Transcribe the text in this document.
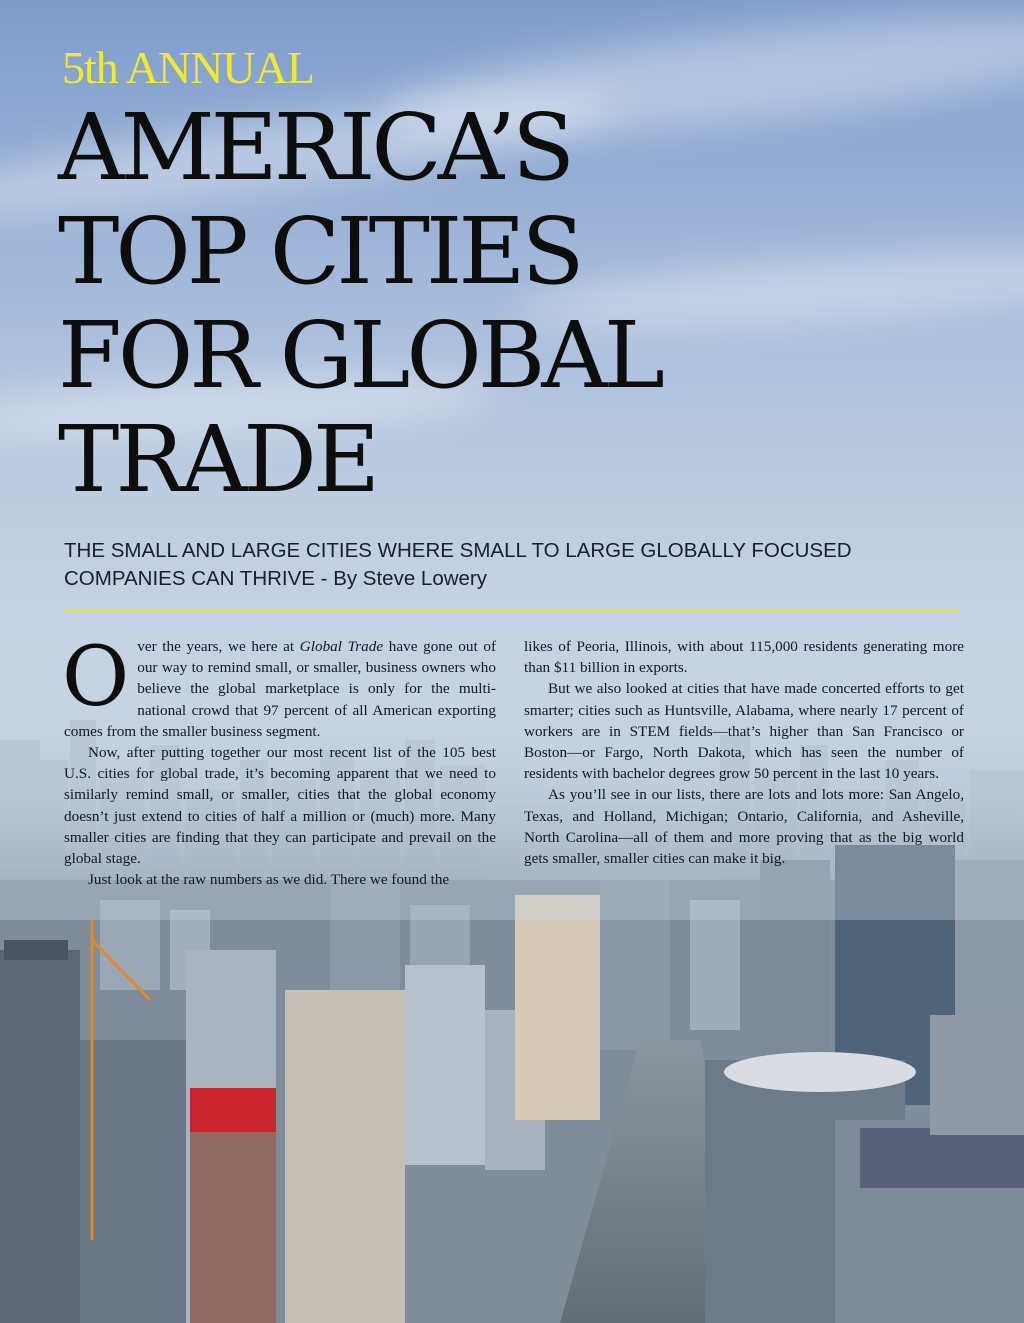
5th ANNUAL
AMERICA’S
TOP CITIES
FOR GLOBAL
TRADE

THE SMALL AND LARGE CITIES WHERE SMALL TO LARGE GLOBALLY FOCUSED COMPANIES CAN THRIVE - By Steve Lowery

Over the years, we here at Global Trade have gone out of our way to remind small, or smaller, business owners who believe the global marketplace is only for the multi-national crowd that 97 percent of all American exporting comes from the smaller business segment.

Now, after putting together our most recent list of the 105 best U.S. cities for global trade, it’s becoming apparent that we need to similarly remind small, or smaller, cities that the global economy doesn’t just extend to cities of half a million or (much) more. Many smaller cities are finding that they can participate and prevail on the global stage.

Just look at the raw numbers as we did. There we found the

likes of Peoria, Illinois, with about 115,000 residents generating more than $11 billion in exports.

But we also looked at cities that have made concerted efforts to get smarter; cities such as Huntsville, Alabama, where nearly 17 percent of workers are in STEM fields—that’s higher than San Francisco or Boston—or Fargo, North Dakota, which has seen the number of residents with bachelor degrees grow 50 percent in the last 10 years.

As you’ll see in our lists, there are lots and lots more: San Angelo, Texas, and Holland, Michigan; Ontario, California, and Asheville, North Carolina—all of them and more proving that as the big world gets smaller, smaller cities can make it big.
